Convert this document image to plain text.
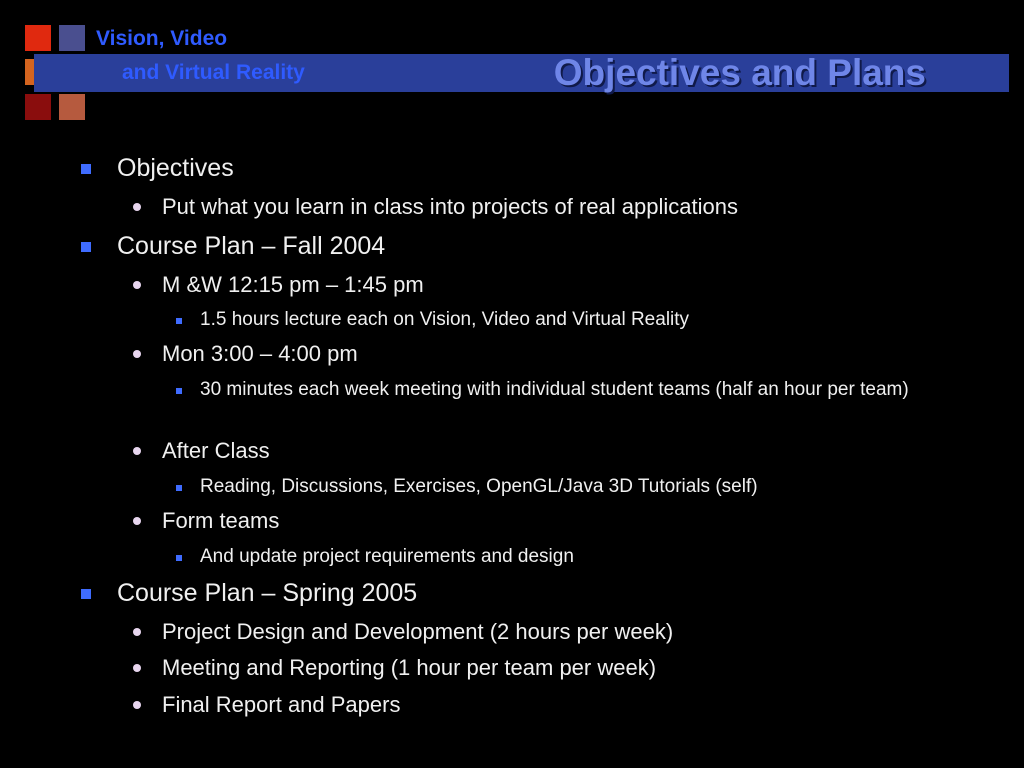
Vision, Video
and Virtual Reality	Objectives and Plans
Objectives
Put what you learn in class into projects of real applications
Course Plan – Fall 2004
M &W 12:15 pm – 1:45 pm
1.5 hours lecture each on Vision, Video and Virtual Reality
Mon 3:00 – 4:00 pm
30 minutes each week meeting with individual student teams (half an hour per team)
After Class
Reading, Discussions, Exercises, OpenGL/Java 3D Tutorials (self)
Form teams
And update project requirements and design
Course Plan – Spring 2005
Project Design and Development (2 hours per week)
Meeting and Reporting (1 hour per team per week)
Final Report and Papers
